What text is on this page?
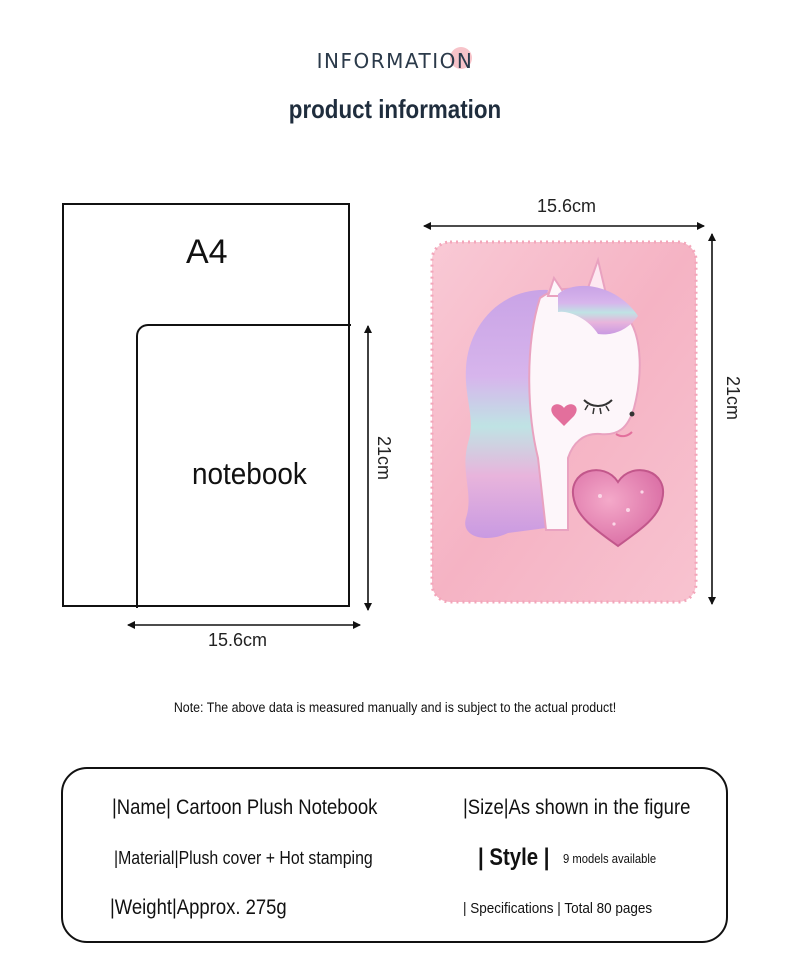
INFORMATION
product information
A4
notebook
15.6cm
21cm
15.6cm
21cm
Note: The above data is measured manually and is subject to the actual product!
|Name| Cartoon Plush Notebook	|Size|As shown in the figure
|Material|Plush cover + Hot stamping	| Style | 9 models available
|Weight|Approx. 275g	| Specifications | Total 80 pages
